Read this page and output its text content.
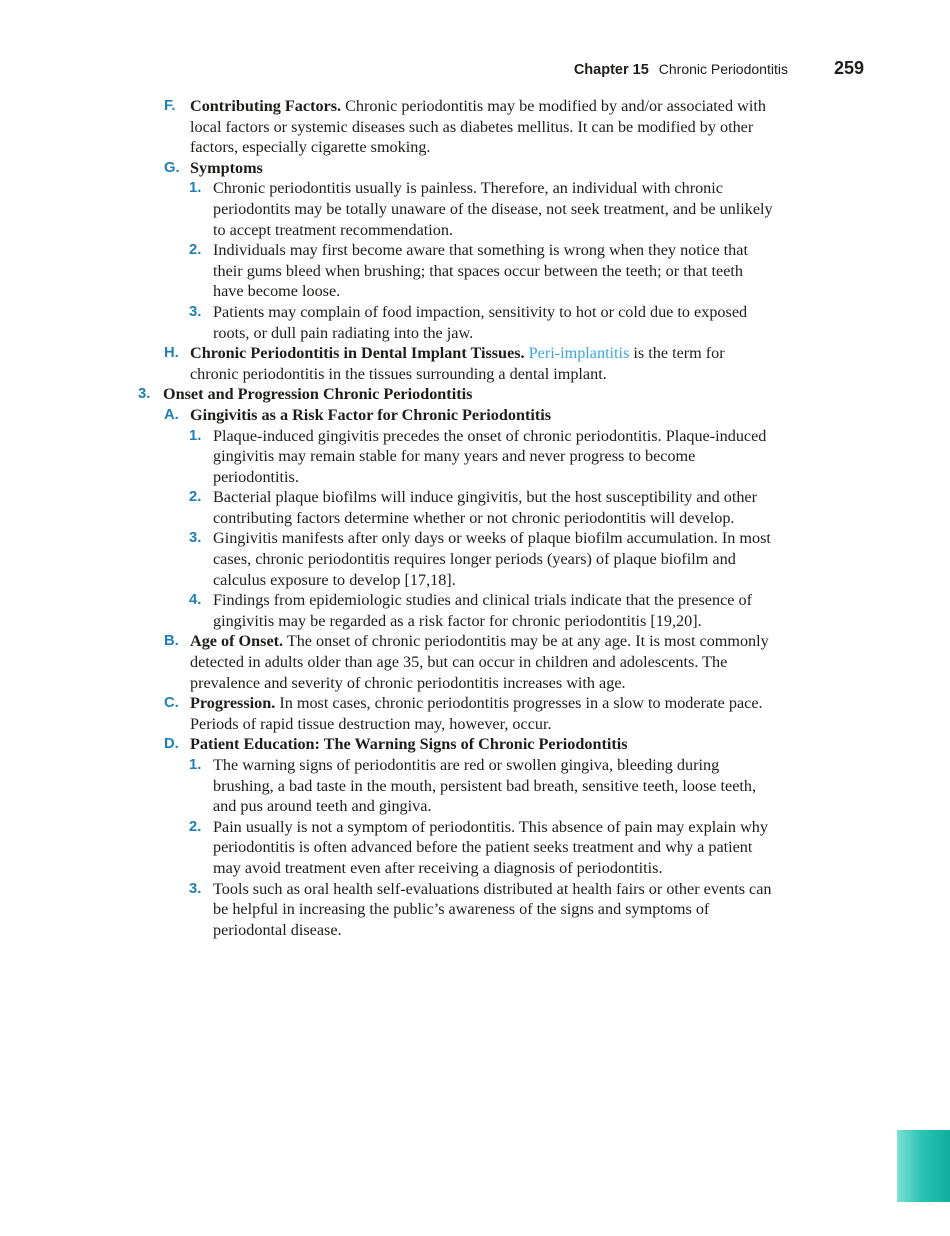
Chapter 15 Chronic Periodontitis	259
F. Contributing Factors. Chronic periodontitis may be modified by and/or associated with local factors or systemic diseases such as diabetes mellitus. It can be modified by other factors, especially cigarette smoking.
G. Symptoms
1. Chronic periodontitis usually is painless. Therefore, an individual with chronic periodontits may be totally unaware of the disease, not seek treatment, and be unlikely to accept treatment recommendation.
2. Individuals may first become aware that something is wrong when they notice that their gums bleed when brushing; that spaces occur between the teeth; or that teeth have become loose.
3. Patients may complain of food impaction, sensitivity to hot or cold due to exposed roots, or dull pain radiating into the jaw.
H. Chronic Periodontitis in Dental Implant Tissues. Peri-implantitis is the term for chronic periodontitis in the tissues surrounding a dental implant.
3. Onset and Progression Chronic Periodontitis
A. Gingivitis as a Risk Factor for Chronic Periodontitis
1. Plaque-induced gingivitis precedes the onset of chronic periodontitis. Plaque-induced gingivitis may remain stable for many years and never progress to become periodontitis.
2. Bacterial plaque biofilms will induce gingivitis, but the host susceptibility and other contributing factors determine whether or not chronic periodontitis will develop.
3. Gingivitis manifests after only days or weeks of plaque biofilm accumulation. In most cases, chronic periodontitis requires longer periods (years) of plaque biofilm and calculus exposure to develop [17,18].
4. Findings from epidemiologic studies and clinical trials indicate that the presence of gingivitis may be regarded as a risk factor for chronic periodontitis [19,20].
B. Age of Onset. The onset of chronic periodontitis may be at any age. It is most commonly detected in adults older than age 35, but can occur in children and adolescents. The prevalence and severity of chronic periodontitis increases with age.
C. Progression. In most cases, chronic periodontitis progresses in a slow to moderate pace. Periods of rapid tissue destruction may, however, occur.
D. Patient Education: The Warning Signs of Chronic Periodontitis
1. The warning signs of periodontitis are red or swollen gingiva, bleeding during brushing, a bad taste in the mouth, persistent bad breath, sensitive teeth, loose teeth, and pus around teeth and gingiva.
2. Pain usually is not a symptom of periodontitis. This absence of pain may explain why periodontitis is often advanced before the patient seeks treatment and why a patient may avoid treatment even after receiving a diagnosis of periodontitis.
3. Tools such as oral health self-evaluations distributed at health fairs or other events can be helpful in increasing the public’s awareness of the signs and symptoms of periodontal disease.
